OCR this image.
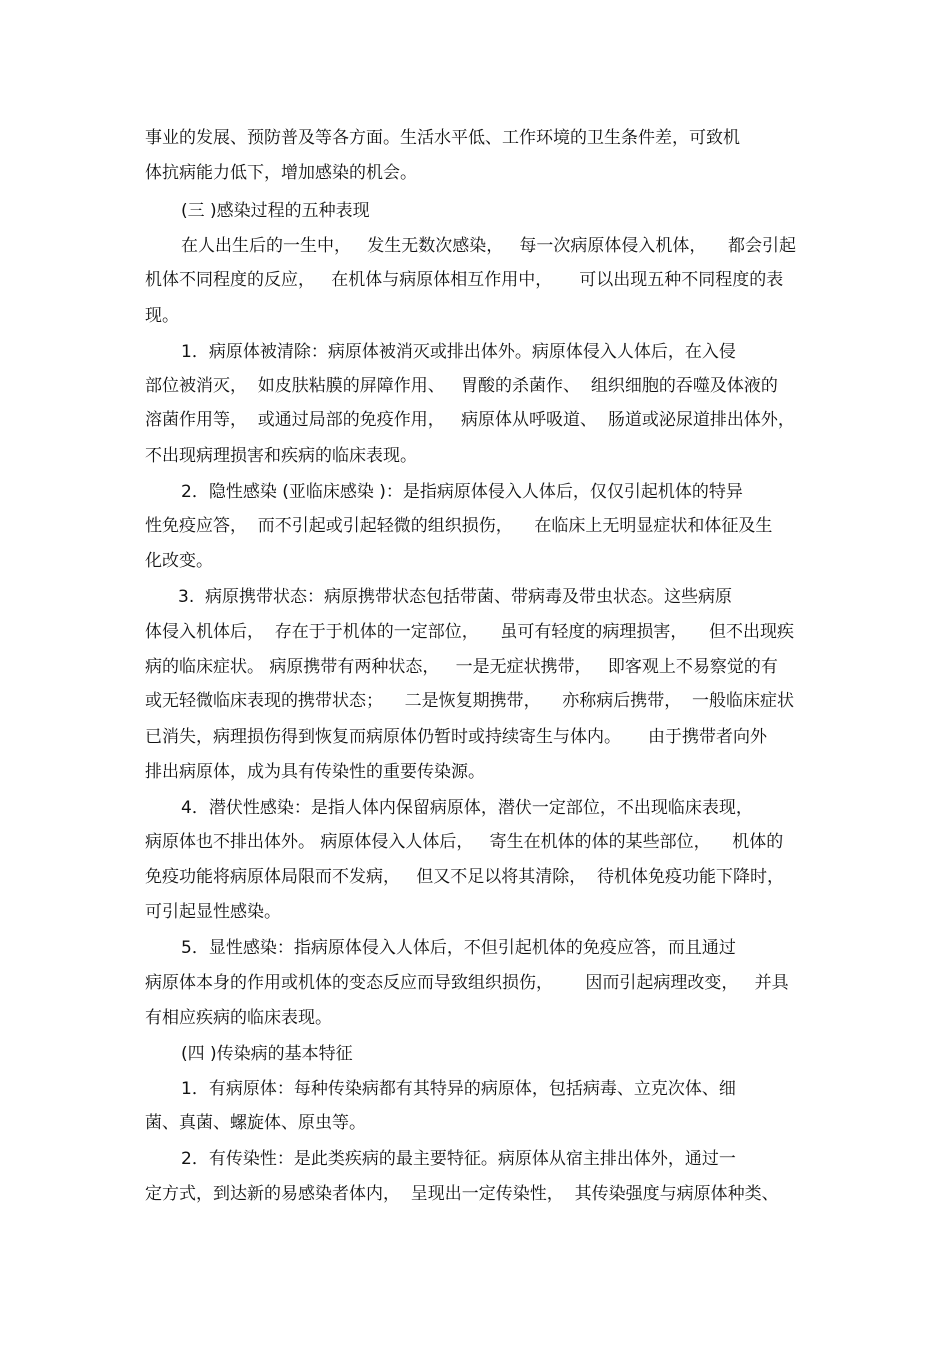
事业的发展、预防普及等各方面。生活水平低、工作环境的卫生条件差，可致机
体抗病能力低下，增加感染的机会。
(三 )感染过程的五种表现
在人出生后的一生中，   发生无数次感染，   每一次病原体侵入机体，    都会引起
机体不同程度的反应，   在机体与病原体相互作用中，     可以出现五种不同程度的表
现。
1．病原体被清除：病原体被消灭或排出体外。病原体侵入人体后，在入侵
部位被消灭，  如皮肤粘膜的屏障作用、   胃酸的杀菌作、  组织细胞的吞噬及体液的
溶菌作用等，  或通过局部的免疫作用，   病原体从呼吸道、  肠道或泌尿道排出体外，
不出现病理损害和疾病的临床表现。
2．隐性感染 (亚临床感染 )：是指病原体侵入人体后，仅仅引起机体的特异
性免疫应答，  而不引起或引起轻微的组织损伤，    在临床上无明显症状和体征及生
化改变。
3.  病原携带状态：病原携带状态包括带菌、带病毒及带虫状态。这些病原
体侵入机体后，  存在于于机体的一定部位，    虽可有轻度的病理损害，    但不出现疾
病的临床症状。 病原携带有两种状态，   一是无症状携带，   即客观上不易察觉的有
或无轻微临床表现的携带状态；    二是恢复期携带，    亦称病后携带，  一般临床症状
已消失，病理损伤得到恢复而病原体仍暂时或持续寄生与体内。     由于携带者向外
排出病原体，成为具有传染性的重要传染源。
4．潜伏性感染：是指人体内保留病原体，潜伏一定部位，不出现临床表现，
病原体也不排出体外。 病原体侵入人体后，   寄生在机体的体的某些部位，    机体的
免疫功能将病原体局限而不发病，   但又不足以将其清除，  待机体免疫功能下降时，
可引起显性感染。
5．显性感染：指病原体侵入人体后，不但引起机体的免疫应答，而且通过
病原体本身的作用或机体的变态反应而导致组织损伤，      因而引起病理改变，   并具
有相应疾病的临床表现。
(四 )传染病的基本特征
1．有病原体：每种传染病都有其特异的病原体，包括病毒、立克次体、细
菌、真菌、螺旋体、原虫等。
2．有传染性：是此类疾病的最主要特征。病原体从宿主排出体外，通过一
定方式，到达新的易感染者体内，  呈现出一定传染性，  其传染强度与病原体种类、
